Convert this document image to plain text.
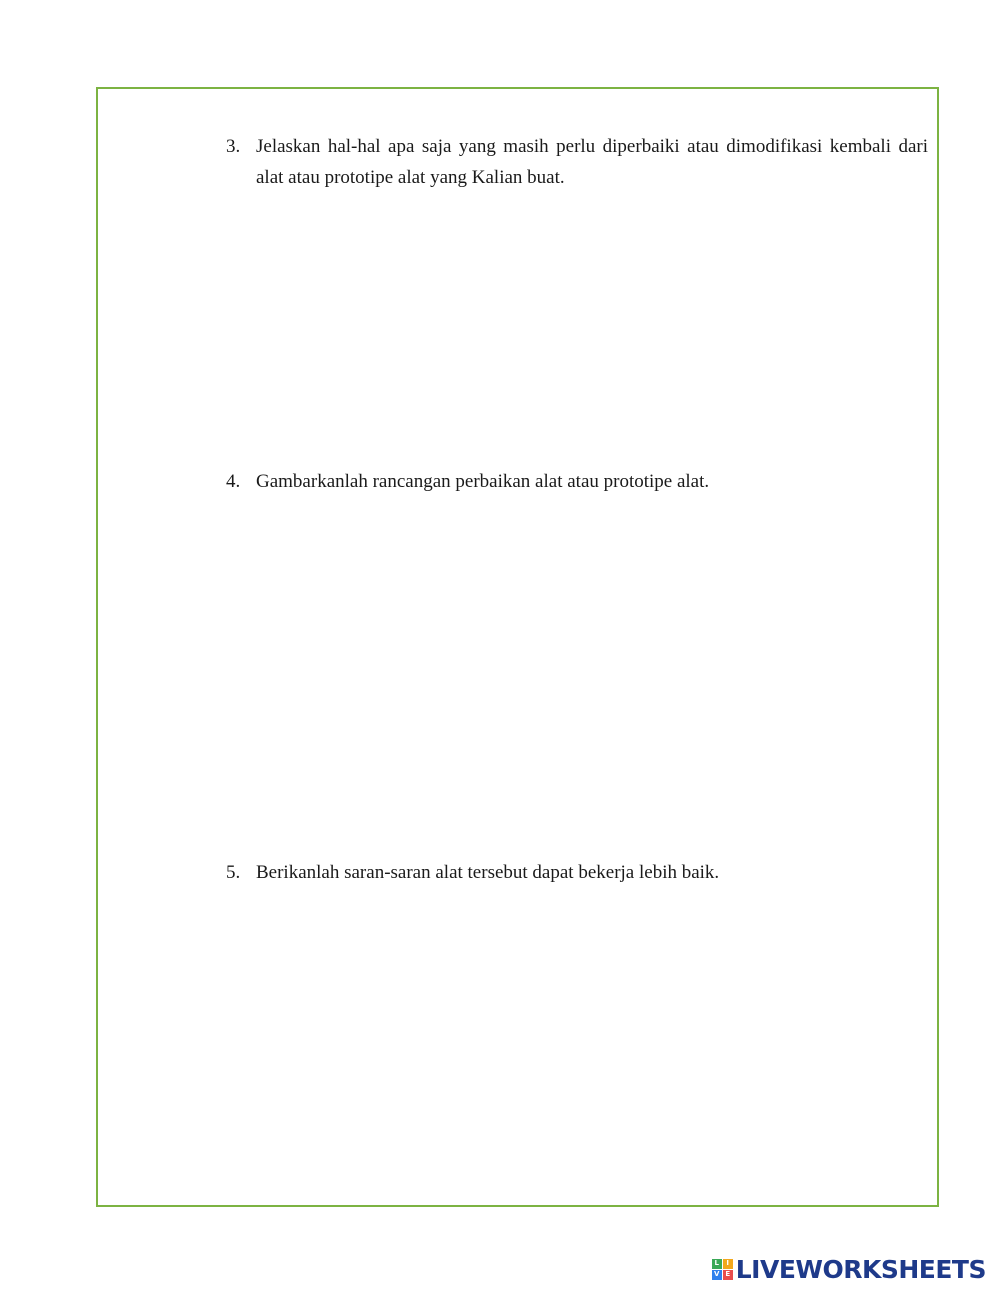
3. Jelaskan hal-hal apa saja yang masih perlu diperbaiki atau dimodifikasi kembali dari alat atau prototipe alat yang Kalian buat.
4. Gambarkanlah rancangan perbaikan alat atau prototipe alat.
5. Berikanlah saran-saran alat tersebut dapat bekerja lebih baik.
L	I
V E LIVEWORKSHEETS
